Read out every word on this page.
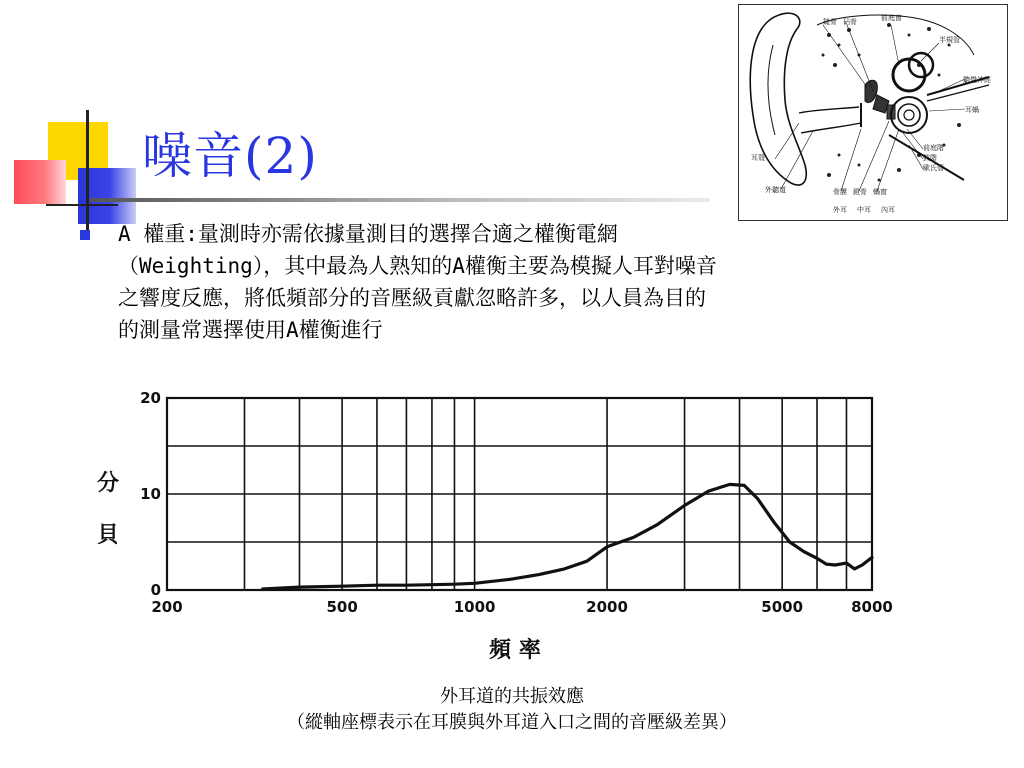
噪音(2)
A 權重:量測時亦需依據量測目的選擇合適之權衡電網
（Weighting），其中最為人熟知的A權衡主要為模擬人耳對噪音
之響度反應，將低頻部分的音壓級貢獻忽略許多，以人員為目的
的測量常選擇使用A權衡進行
鎚骨 砧骨	前庭窗
半規管
聽覺神經
耳蝸
耳殼
前庭階
鼓階
歐氏管
外聽道	骨膜 鐙骨 蝸窗
外耳 中耳 內耳
0
10
20
200	500	1000	2000	5000	8000
分
貝
頻 率
外耳道的共振效應
（縱軸座標表示在耳膜與外耳道入口之間的音壓級差異）
